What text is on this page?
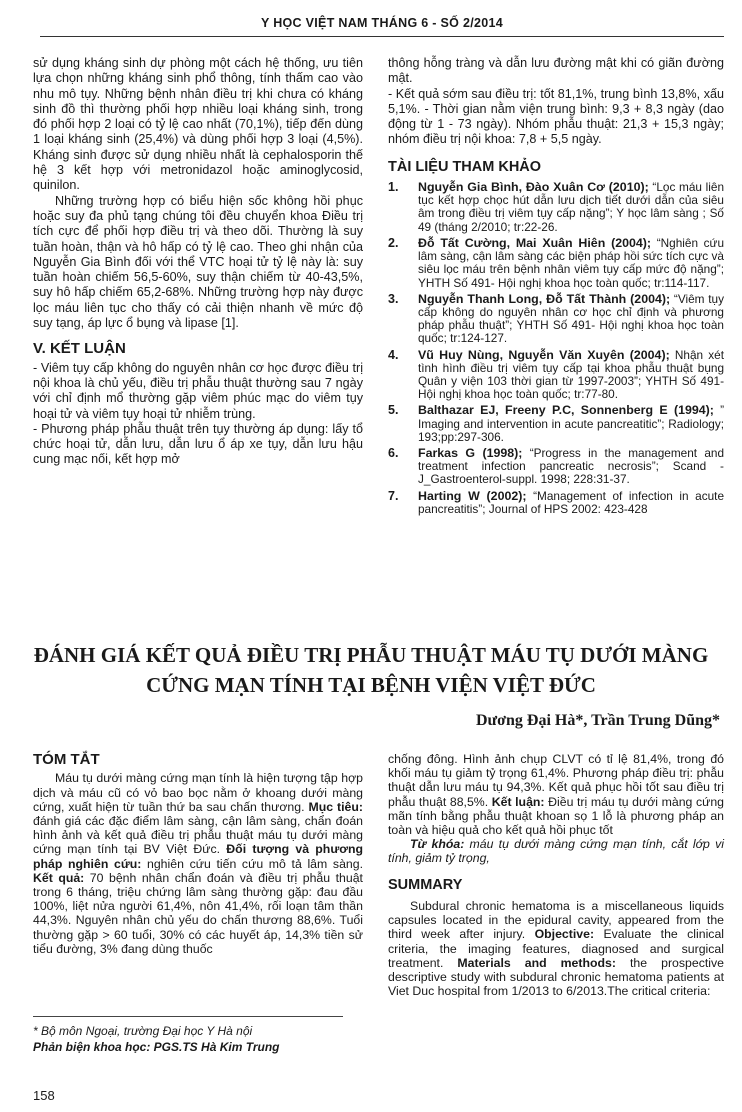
Y HỌC VIỆT NAM THÁNG 6 - SỐ 2/2014

sử dụng kháng sinh dự phòng một cách hệ thống, ưu tiên lựa chọn những kháng sinh phổ thông, tính thấm cao vào nhu mô tụy. Những bệnh nhân điều trị khi chưa có kháng sinh đồ thì thường phối hợp nhiều loại kháng sinh, trong đó phối hợp 2 loại có tỷ lệ cao nhất (70,1%), tiếp đến dùng 1 loại kháng sinh (25,4%) và dùng phối hợp 3 loại (4,5%). Kháng sinh được sử dụng nhiều nhất là cephalosporin thế hệ 3 kết hợp với metronidazol hoặc aminoglycosid, quinilon.

Những trường hợp có biểu hiện sốc không hồi phục hoặc suy đa phủ tạng chúng tôi đều chuyển khoa Điều trị tích cực để phối hợp điều trị và theo dõi. Thường là suy tuần hoàn, thận và hô hấp có tỷ lệ cao. Theo ghi nhận của Nguyễn Gia Bình đối với thể VTC hoại tử tỷ lệ này là: suy tuần hoàn chiếm 56,5-60%, suy thận chiếm từ 40-43,5%, suy hô hấp chiếm 65,2-68%. Những trường hợp này được lọc máu liên tục cho thấy có cải thiện nhanh về mức độ suy tạng, áp lực ổ bụng và lipase [1].

V. KẾT LUẬN

- Viêm tụy cấp không do nguyên nhân cơ học được điều trị nội khoa là chủ yếu, điều trị phẫu thuật thường sau 7 ngày với chỉ định mổ thường gặp viêm phúc mạc do viêm tụy hoại tử và viêm tụy hoại tử nhiễm trùng.

- Phương pháp phẫu thuật trên tụy thường áp dụng: lấy tổ chức hoại tử, dẫn lưu, dẫn lưu ổ áp xe tụy, dẫn lưu hậu cung mạc nối, kết hợp mở

thông hỗng tràng và dẫn lưu đường mật khi có giãn đường mật.

- Kết quả sớm sau điều trị: tốt 81,1%, trung bình 13,8%, xấu 5,1%. - Thời gian nằm viện trung bình: 9,3 + 8,3 ngày (dao động từ 1 - 73 ngày). Nhóm phẫu thuật: 21,3 + 15,3 ngày; nhóm điều trị nội khoa: 7,8 + 5,5 ngày.

TÀI LIỆU THAM KHẢO
1. Nguyễn Gia Bình, Đào Xuân Cơ (2010); “Lọc máu liên tục kết hợp chọc hút dẫn lưu dịch tiết dưới dẫn của siêu âm trong điều trị viêm tụy cấp nặng”; Y học lâm sàng ; Số 49 (tháng 2/2010; tr:22-26.
2. Đỗ Tất Cường, Mai Xuân Hiên (2004); “Nghiên cứu lâm sàng, cận lâm sàng các biện pháp hồi sức tích cực và siêu lọc máu trên bệnh nhân viêm tụy cấp mức độ nặng”; YHTH Số 491- Hội nghị khoa học toàn quốc; tr:114-117.
3. Nguyễn Thanh Long, Đỗ Tất Thành (2004); “Viêm tụy cấp không do nguyên nhân cơ học chỉ định và phương pháp phẫu thuật”; YHTH Số 491- Hội nghị khoa học toàn quốc; tr:124-127.
4. Vũ Huy Nùng, Nguyễn Văn Xuyên (2004); Nhận xét tình hình điều trị viêm tụy cấp tại khoa phẫu thuật bụng Quân y viện 103 thời gian từ 1997-2003”; YHTH Số 491- Hội nghị khoa học toàn quốc; tr:77-80.
5. Balthazar EJ, Freeny P.C, Sonnenberg E (1994); ” Imaging and intervention in acute pancreatitic”; Radiology; 193;pp:297-306.
6. Farkas G (1998); “Progress in the management and treatment infection pancreatic necrosis”; Scand -J_Gastroenterol-suppl. 1998; 228:31-37.
7. Harting W (2002); “Management of infection in acute pancreatitis”; Journal of HPS 2002: 423-428
ĐÁNH GIÁ KẾT QUẢ ĐIỀU TRỊ PHẪU THUẬT MÁU TỤ DƯỚI MÀNG
CỨNG MẠN TÍNH TẠI BỆNH VIỆN VIỆT ĐỨC
Dương Đại Hà*, Trần Trung Dũng*
TÓM TẮT

Máu tụ dưới màng cứng mạn tính là hiện tượng tập hợp dịch và máu cũ có vỏ bao bọc nằm ở khoang dưới màng cứng, xuất hiện từ tuần thứ ba sau chấn thương. Mục tiêu: đánh giá các đặc điểm lâm sàng, cận lâm sàng, chẩn đoán hình ảnh và kết quả điều trị phẫu thuật máu tụ dưới màng cứng mạn tính tại BV Việt Đức. Đối tượng và phương pháp nghiên cứu: nghiên cứu tiến cứu mô tả lâm sàng. Kết quả: 70 bệnh nhân chẩn đoán và điều trị phẫu thuật trong 6 tháng, triệu chứng lâm sàng thường gặp: đau đầu 100%, liệt nửa người 61,4%, nôn 41,4%, rối loạn tâm thần 44,3%. Nguyên nhân chủ yếu do chấn thương 88,6%. Tuổi thường gặp > 60 tuổi, 30% có các huyết áp, 14,3% tiền sử tiểu đường, 3% đang dùng thuốc

chống đông. Hình ảnh chụp CLVT có tỉ lệ 81,4%, trong đó khối máu tụ giảm tỷ trọng 61,4%. Phương pháp điều trị: phẫu thuật dẫn lưu máu tụ 94,3%. Kết quả phục hồi tốt sau điều trị phẫu thuật 88,5%. Kết luận: Điều trị máu tụ dưới màng cứng mãn tính bằng phẫu thuật khoan sọ 1 lỗ là phương pháp an toàn và hiệu quả cho kết quả hồi phục tốt

Từ khóa: máu tụ dưới màng cứng mạn tính, cắt lớp vi tính, giảm tỷ trọng,

SUMMARY

Subdural chronic hematoma is a miscellaneous liquids capsules located in the epidural cavity, appeared from the third week after injury. Objective: Evaluate the clinical criteria, the imaging features, diagnosed and surgical treatment. Materials and methods: the prospective descriptive study with subdural chronic hematoma patients at Viet Duc hospital from 1/2013 to 6/2013.The critical criteria:

* Bộ môn Ngoại, trường Đại học Y Hà nội
Phản biện khoa học: PGS.TS Hà Kim Trung
158
